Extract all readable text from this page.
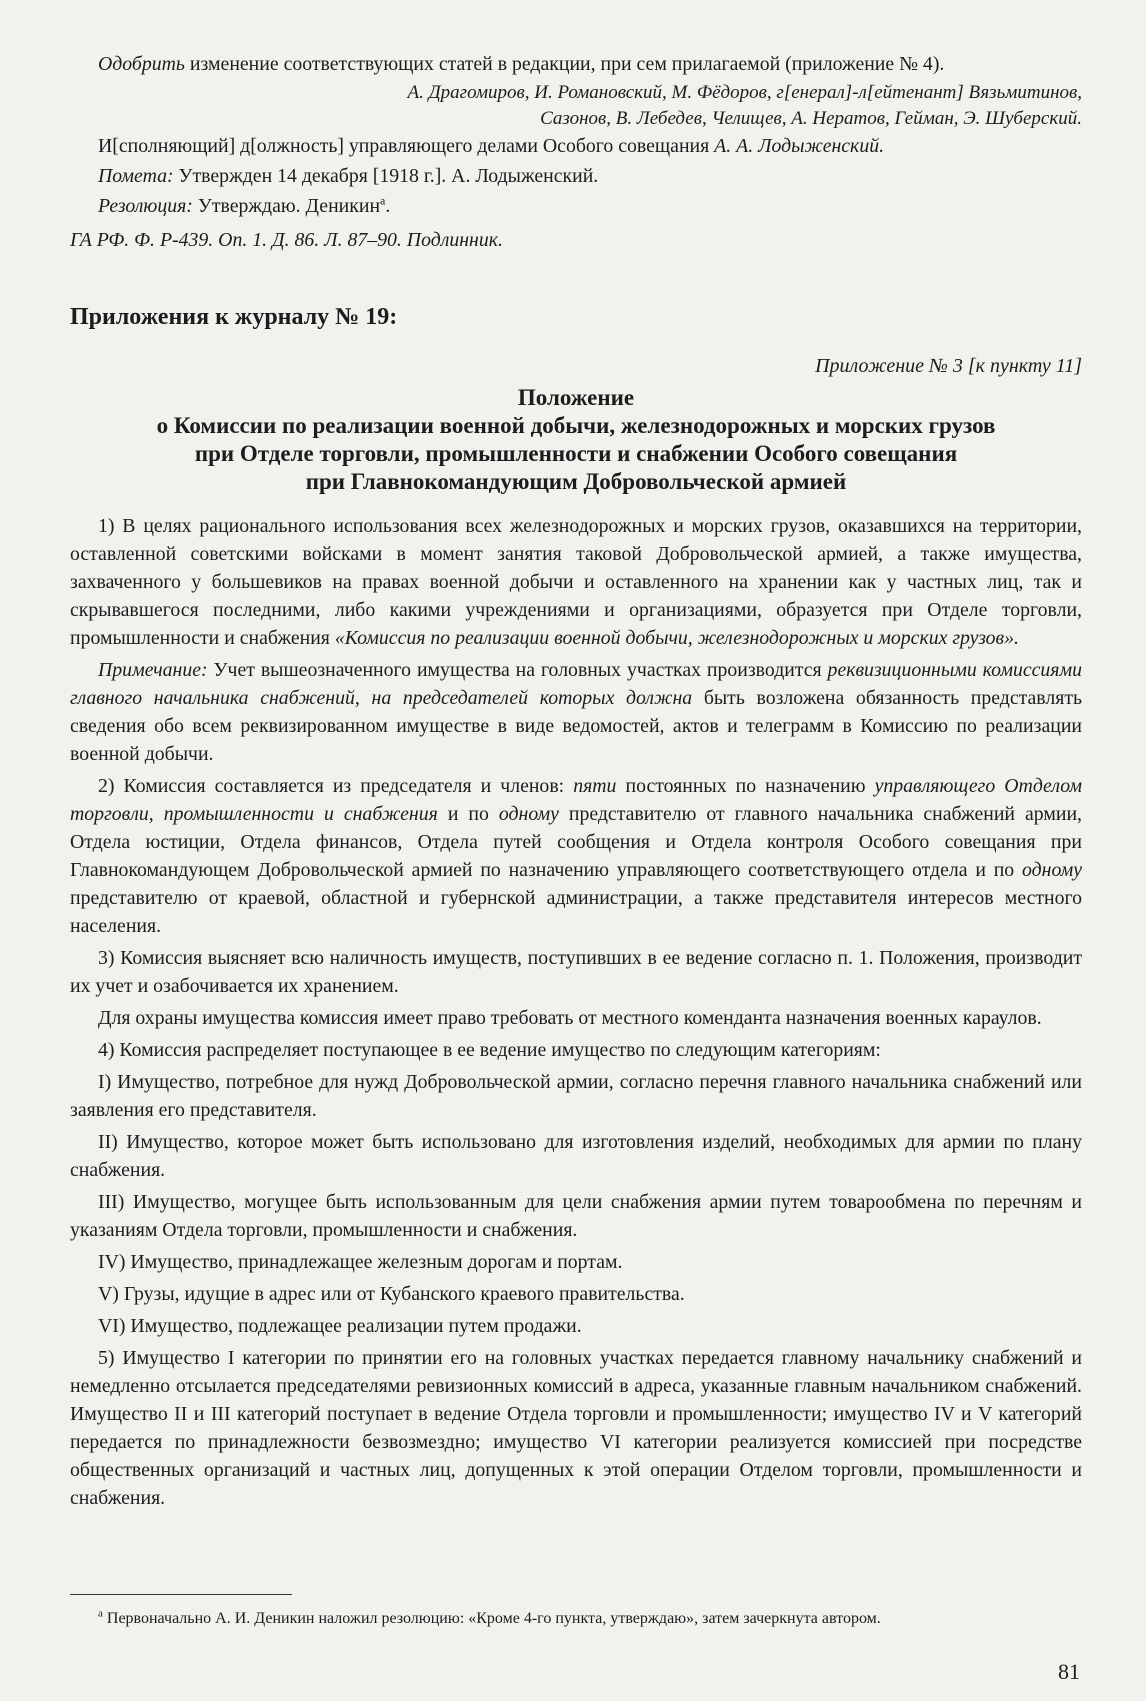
Одобрить изменение соответствующих статей в редакции, при сем прилагаемой (приложение № 4).

А. Драгомиров, И. Романовский, М. Фёдоров, г[енерал]-л[ейтенант] Вязьмитинов,
Сазонов, В. Лебедев, Челищев, А. Нератов, Гейман, Э. Шуберский.

И[сполняющий] д[олжность] управляющего делами Особого совещания А. А. Лодыженский.

Помета: Утвержден 14 декабря [1918 г.]. А. Лодыженский.

Резолюция: Утверждаю. Деникин$^а$.

ГА РФ. Ф. Р-439. Оп. 1. Д. 86. Л. 87–90. Подлинник.

Приложения к журналу № 19:

Приложение № 3 [к пункту 11]

Положение
о Комиссии по реализации военной добычи, железнодорожных и морских грузов
при Отделе торговли, промышленности и снабжении Особого совещания
при Главнокомандующим Добровольческой армией

1) В целях рационального использования всех железнодорожных и морских грузов, оказавшихся на территории, оставленной советскими войсками в момент занятия таковой Добровольческой армией, а также имущества, захваченного у большевиков на правах военной добычи и оставленного на хранении как у частных лиц, так и скрывавшегося последними, либо какими учреждениями и организациями, образуется при Отделе торговли, промышленности и снабжения «Комиссия по реализации военной добычи, железнодорожных и морских грузов».

Примечание: Учет вышеозначенного имущества на головных участках производится реквизиционными комиссиями главного начальника снабжений, на председателей которых должна быть возложена обязанность представлять сведения обо всем реквизированном имуществе в виде ведомостей, актов и телеграмм в Комиссию по реализации военной добычи.

2) Комиссия составляется из председателя и членов: пяти постоянных по назначению управляющего Отделом торговли, промышленности и снабжения и по одному представителю от главного начальника снабжений армии, Отдела юстиции, Отдела финансов, Отдела путей сообщения и Отдела контроля Особого совещания при Главнокомандующем Добровольческой армией по назначению управляющего соответствующего отдела и по одному представителю от краевой, областной и губернской администрации, а также представителя интересов местного населения.

3) Комиссия выясняет всю наличность имуществ, поступивших в ее ведение согласно п. 1. Положения, производит их учет и озабочивается их хранением.

Для охраны имущества комиссия имеет право требовать от местного коменданта назначения военных караулов.

4) Комиссия распределяет поступающее в ее ведение имущество по следующим категориям:

I) Имущество, потребное для нужд Добровольческой армии, согласно перечня главного начальника снабжений или заявления его представителя.

II) Имущество, которое может быть использовано для изготовления изделий, необходимых для армии по плану снабжения.

III) Имущество, могущее быть использованным для цели снабжения армии путем товарообмена по перечням и указаниям Отдела торговли, промышленности и снабжения.

IV) Имущество, принадлежащее железным дорогам и портам.

V) Грузы, идущие в адрес или от Кубанского краевого правительства.

VI) Имущество, подлежащее реализации путем продажи.

5) Имущество I категории по принятии его на головных участках передается главному начальнику снабжений и немедленно отсылается председателями ревизионных комиссий в адреса, указанные главным начальником снабжений. Имущество II и III категорий поступает в ведение Отдела торговли и промышленности; имущество IV и V категорий передается по принадлежности безвозмездно; имущество VI категории реализуется комиссией при посредстве общественных организаций и частных лиц, допущенных к этой операции Отделом торговли, промышленности и снабжения.

$^а$ Первоначально А. И. Деникин наложил резолюцию: «Кроме 4-го пункта, утверждаю», затем зачеркнута автором.

81
